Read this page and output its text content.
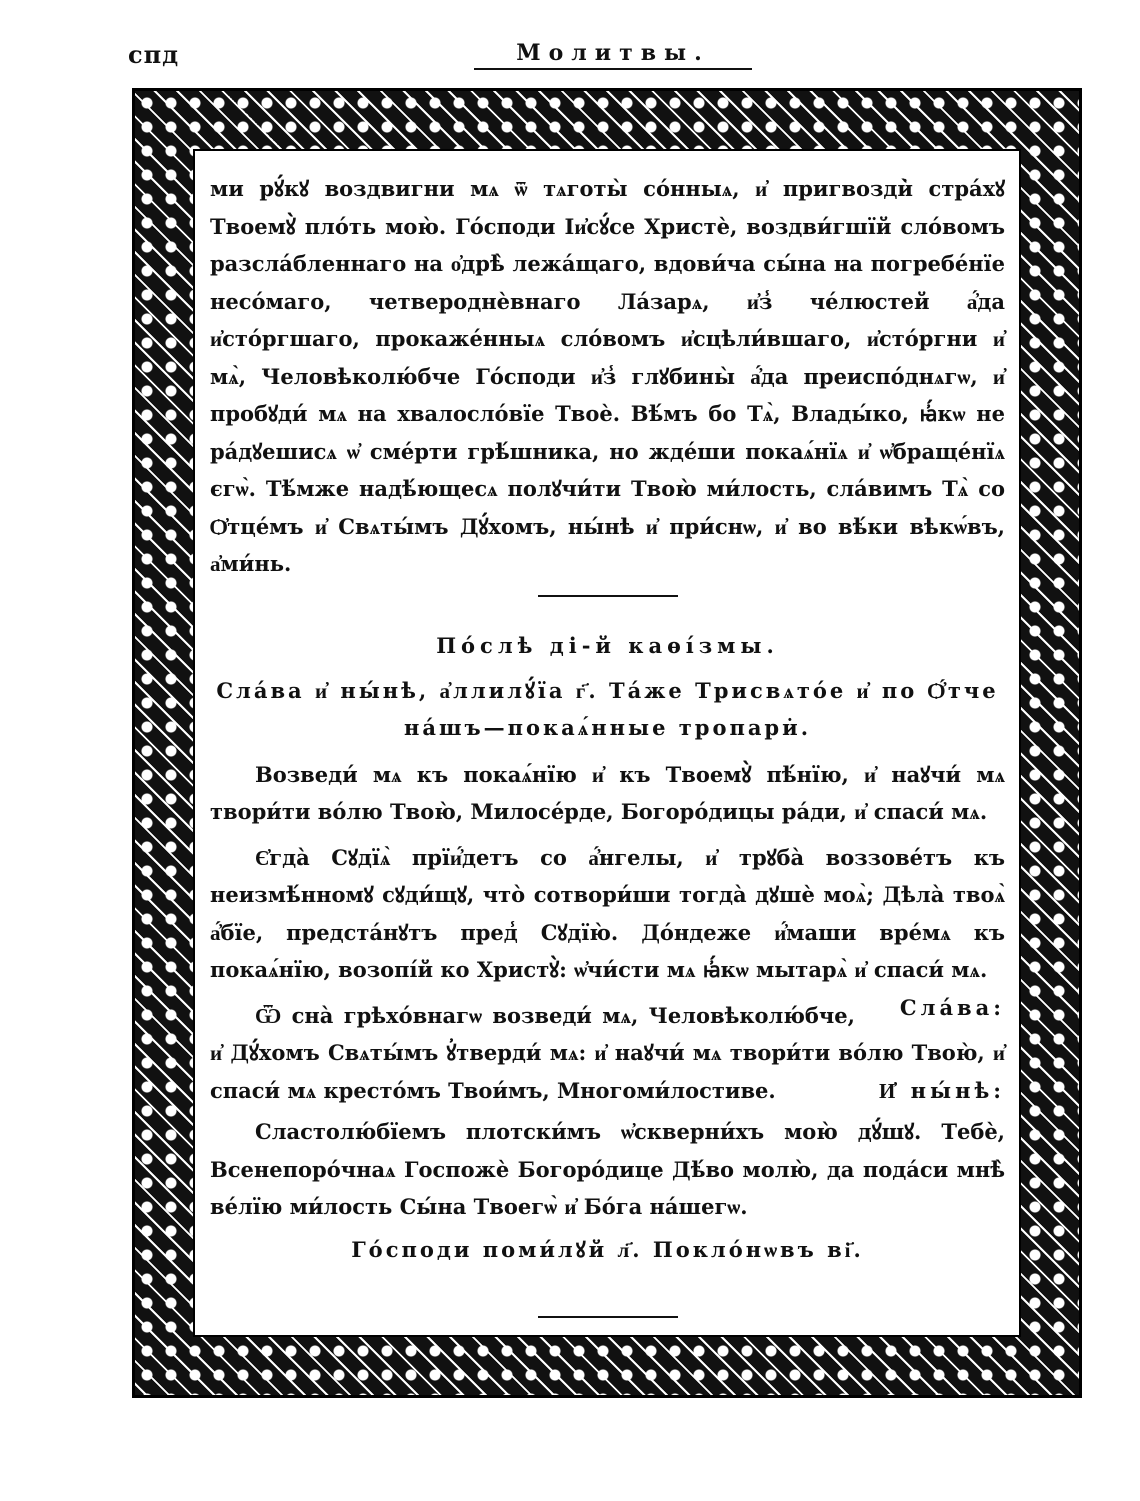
спд	Молитвы.

ми рꙋ́кꙋ воздвигни мѧ ѿ тѧготы̀ со́нныѧ, и҆ пригвозди̇̀ стра́хꙋ Твоемꙋ̀ пло́ть мою̀. Го́споди Іи҆сꙋ́се Христѐ, воздви́гшїй сло́вомъ разсла́бленнаго на о҆дрѣ̀ лежа́щаго, вдови́ча сы́на на погребе́нїе несо́маго, четвероднѐвнаго Ла́зарѧ, и҆з̾ че́люстей а҆́да и҆сто́ргшаго, прокаже́нныѧ сло́вомъ и҆сцѣли́вшаго, и҆сто́ргни и҆ мѧ̀, Человѣколю́бче Го́споди и҆з̾ глꙋбины̀ а҆́да преиспо́днѧгѡ, и҆ пробꙋди́ мѧ на хвалосло́вїе Твоѐ. Вѣ́мъ бо Тѧ̀, Влады́ко, ꙗ҆́кѡ не ра́дꙋешисѧ ѡ҆ сме́рти грѣ́шника, но жде́ши покаѧ́нїѧ и҆ ѡ҆браще́нїѧ єгѡ̀. Тѣ́мже надѣ́ющесѧ полꙋчи́ти Твою̀ ми́лость, сла́вимъ Тѧ̀ со Ѻ҆тце́мъ и҆ Свѧты́мъ Дꙋ́хомъ, ны́нѣ и҆ при́снѡ, и҆ во вѣ́ки вѣкѡ́въ, а҆ми́нь.

По́слѣ ді-й каѳі́змы.

Сла́ва и҆ ны́нѣ, а҆ллилꙋ́їа г҃. Та́же Трисвѧто́е и҆ по Ѻ҆́тче

на́шъ—покаѧ́нные тропари̇.

Возведи́ мѧ къ покаѧ́нїю и҆ къ Твоемꙋ̀ пѣ́нїю, и҆ наꙋчи́ мѧ твори́ти во́лю Твою̀, Милосе́рде, Богоро́дицы ра́ди, и҆ спаси́ мѧ.

Є҆гда̀ Сꙋдїѧ̀ прїи҆́детъ со а҆́нгелы, и҆ трꙋба̀ воззове́тъ къ неизмѣ́нномꙋ сꙋди́щꙋ, что̀ сотвори́ши тогда̀ дꙋшѐ моѧ̀; Дѣла̀ твоѧ̀ а҆́бїе, предста́нꙋтъ пред̾ Сꙋдїю̀. До́ндеже и҆́маши вре́мѧ къ покаѧ́нїю, возопі́й ко Христꙋ̀: ѡ҆чи́сти мѧ ꙗ҆́кѡ мытарѧ̀ и҆ спаси́ мѧ.
Сла́ва:

Ѿ сна̀ грѣхо́внагѡ возведи́ мѧ, Человѣколю́бче, и҆ Дꙋ́хомъ Свѧты́мъ ꙋ҆тверди́ мѧ: и҆ наꙋчи́ мѧ твори́ти во́лю Твою̀, и҆ спаси́ мѧ кресто́мъ Твои́мъ, Многоми́лостиве.	И҆ ны́нѣ:

Сластолю́бїемъ плотски́мъ ѡ҆скверни́хъ мою̀ дꙋ́шꙋ. Тебѐ, Всенепоро́чнаѧ Госпожѐ Богоро́дице Дѣ́во молю̀, да пода́си мнѣ̀ ве́лїю ми́лость Сы́на Твоегѡ̀ и҆ Бо́га на́шегѡ.

Го́споди поми́лꙋй л҃. Покло́нѡвъ ві҃.
